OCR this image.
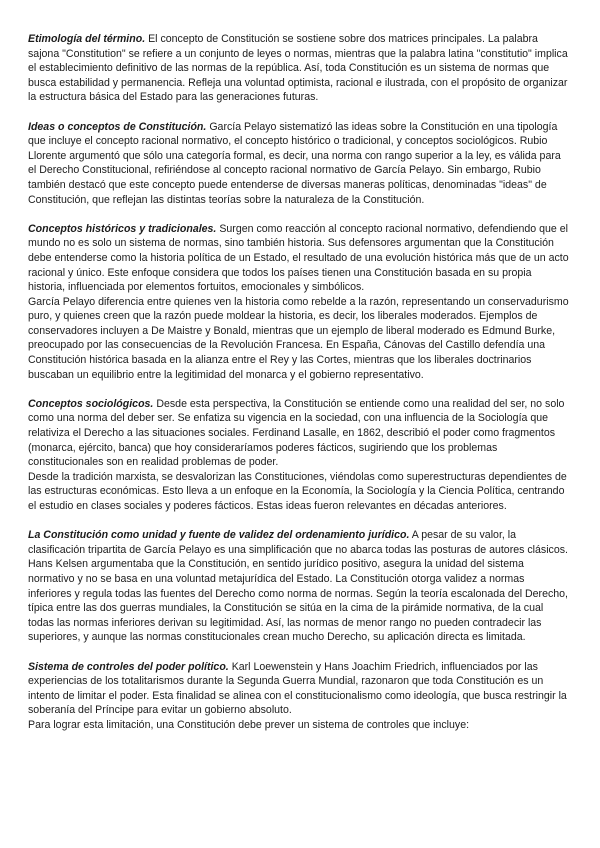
Etimología del término. El concepto de Constitución se sostiene sobre dos matrices principales. La palabra sajona "Constitution" se refiere a un conjunto de leyes o normas, mientras que la palabra latina "constitutio" implica el establecimiento definitivo de las normas de la república. Así, toda Constitución es un sistema de normas que busca estabilidad y permanencia. Refleja una voluntad optimista, racional e ilustrada, con el propósito de organizar la estructura básica del Estado para las generaciones futuras.

Ideas o conceptos de Constitución. García Pelayo sistematizó las ideas sobre la Constitución en una tipología que incluye el concepto racional normativo, el concepto histórico o tradicional, y conceptos sociológicos. Rubio Llorente argumentó que sólo una categoría formal, es decir, una norma con rango superior a la ley, es válida para el Derecho Constitucional, refiriéndose al concepto racional normativo de García Pelayo. Sin embargo, Rubio también destacó que este concepto puede entenderse de diversas maneras políticas, denominadas "ideas" de Constitución, que reflejan las distintas teorías sobre la naturaleza de la Constitución.

Conceptos históricos y tradicionales. Surgen como reacción al concepto racional normativo, defendiendo que el mundo no es solo un sistema de normas, sino también historia. Sus defensores argumentan que la Constitución debe entenderse como la historia política de un Estado, el resultado de una evolución histórica más que de un acto racional y único. Este enfoque considera que todos los países tienen una Constitución basada en su propia historia, influenciada por elementos fortuitos, emocionales y simbólicos.

García Pelayo diferencia entre quienes ven la historia como rebelde a la razón, representando un conservadurismo puro, y quienes creen que la razón puede moldear la historia, es decir, los liberales moderados. Ejemplos de conservadores incluyen a De Maistre y Bonald, mientras que un ejemplo de liberal moderado es Edmund Burke, preocupado por las consecuencias de la Revolución Francesa. En España, Cánovas del Castillo defendía una Constitución histórica basada en la alianza entre el Rey y las Cortes, mientras que los liberales doctrinarios buscaban un equilibrio entre la legitimidad del monarca y el gobierno representativo.

Conceptos sociológicos. Desde esta perspectiva, la Constitución se entiende como una realidad del ser, no solo como una norma del deber ser. Se enfatiza su vigencia en la sociedad, con una influencia de la Sociología que relativiza el Derecho a las situaciones sociales. Ferdinand Lasalle, en 1862, describió el poder como fragmentos (monarca, ejército, banca) que hoy consideraríamos poderes fácticos, sugiriendo que los problemas constitucionales son en realidad problemas de poder.

Desde la tradición marxista, se desvalorizan las Constituciones, viéndolas como superestructuras dependientes de las estructuras económicas. Esto lleva a un enfoque en la Economía, la Sociología y la Ciencia Política, centrando el estudio en clases sociales y poderes fácticos. Estas ideas fueron relevantes en décadas anteriores.

La Constitución como unidad y fuente de validez del ordenamiento jurídico. A pesar de su valor, la clasificación tripartita de García Pelayo es una simplificación que no abarca todas las posturas de autores clásicos. Hans Kelsen argumentaba que la Constitución, en sentido jurídico positivo, asegura la unidad del sistema normativo y no se basa en una voluntad metajurídica del Estado. La Constitución otorga validez a normas inferiores y regula todas las fuentes del Derecho como norma de normas. Según la teoría escalonada del Derecho, típica entre las dos guerras mundiales, la Constitución se sitúa en la cima de la pirámide normativa, de la cual todas las normas inferiores derivan su legitimidad. Así, las normas de menor rango no pueden contradecir las superiores, y aunque las normas constitucionales crean mucho Derecho, su aplicación directa es limitada.

Sistema de controles del poder político. Karl Loewenstein y Hans Joachim Friedrich, influenciados por las experiencias de los totalitarismos durante la Segunda Guerra Mundial, razonaron que toda Constitución es un intento de limitar el poder. Esta finalidad se alinea con el constitucionalismo como ideología, que busca restringir la soberanía del Príncipe para evitar un gobierno absoluto.

Para lograr esta limitación, una Constitución debe prever un sistema de controles que incluye:
